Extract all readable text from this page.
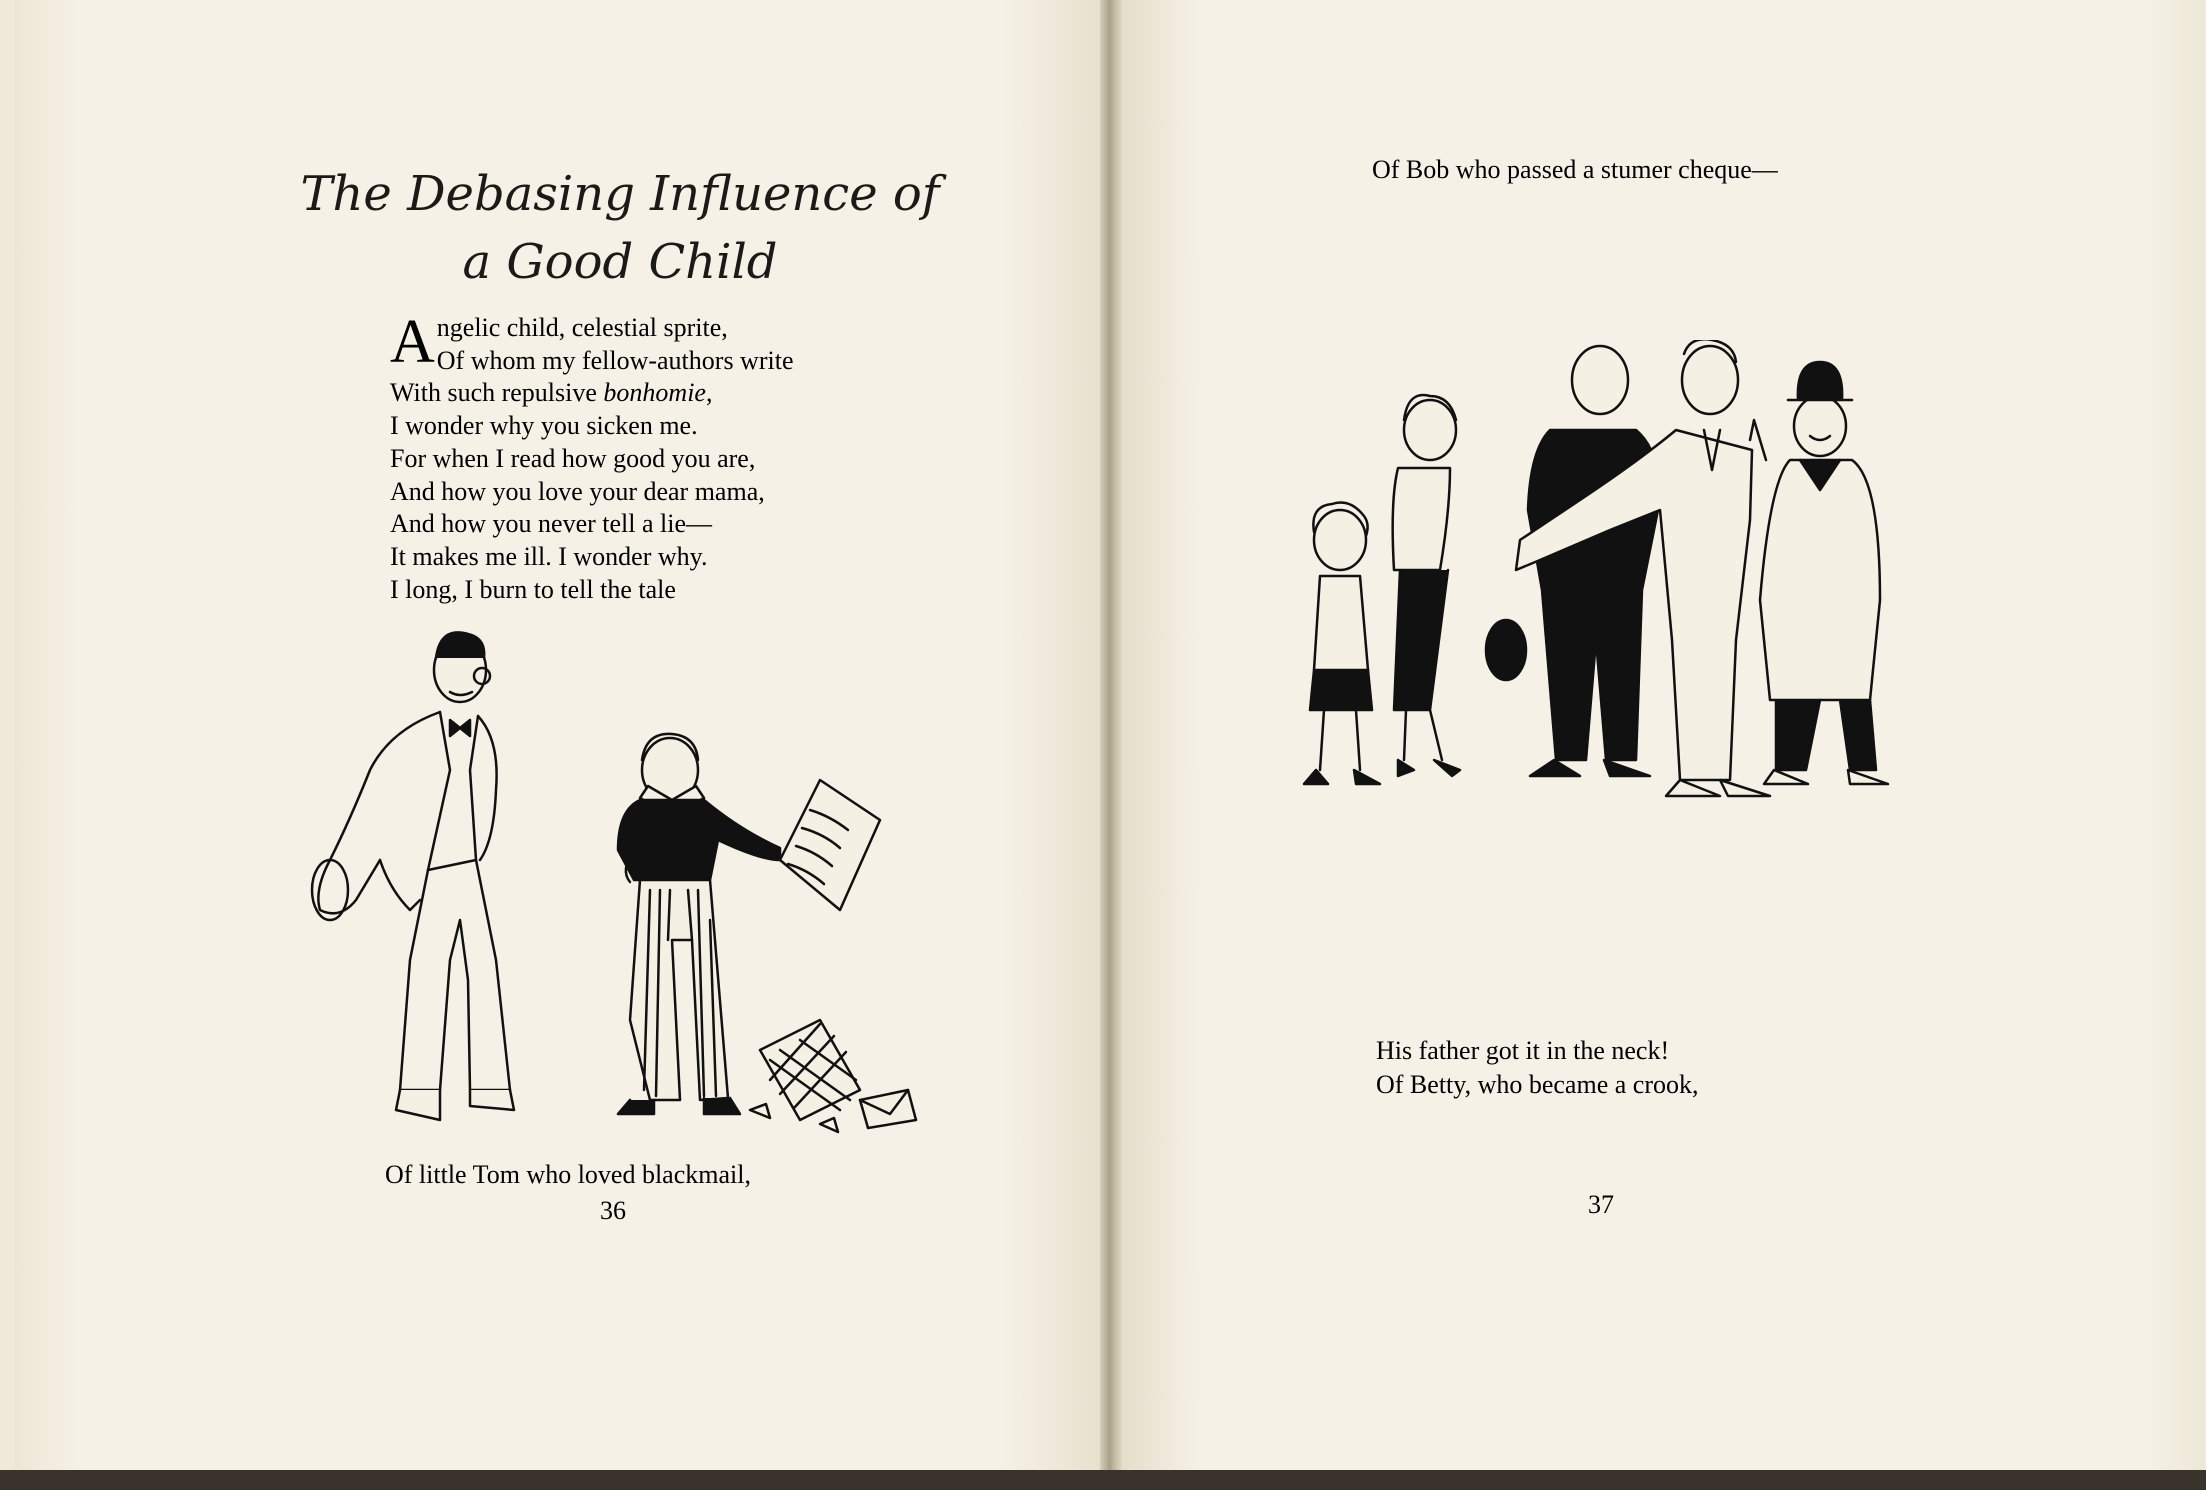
The Debasing Influence of a Good Child
Angelic child, celestial sprite,
Of whom my fellow-authors write
With such repulsive bonhomie,
I wonder why you sicken me.
For when I read how good you are,
And how you love your dear mama,
And how you never tell a lie—
It makes me ill. I wonder why.
I long, I burn to tell the tale
Of little Tom who loved blackmail,
36
Of Bob who passed a stumer cheque—
His father got it in the neck!
Of Betty, who became a crook,
37
